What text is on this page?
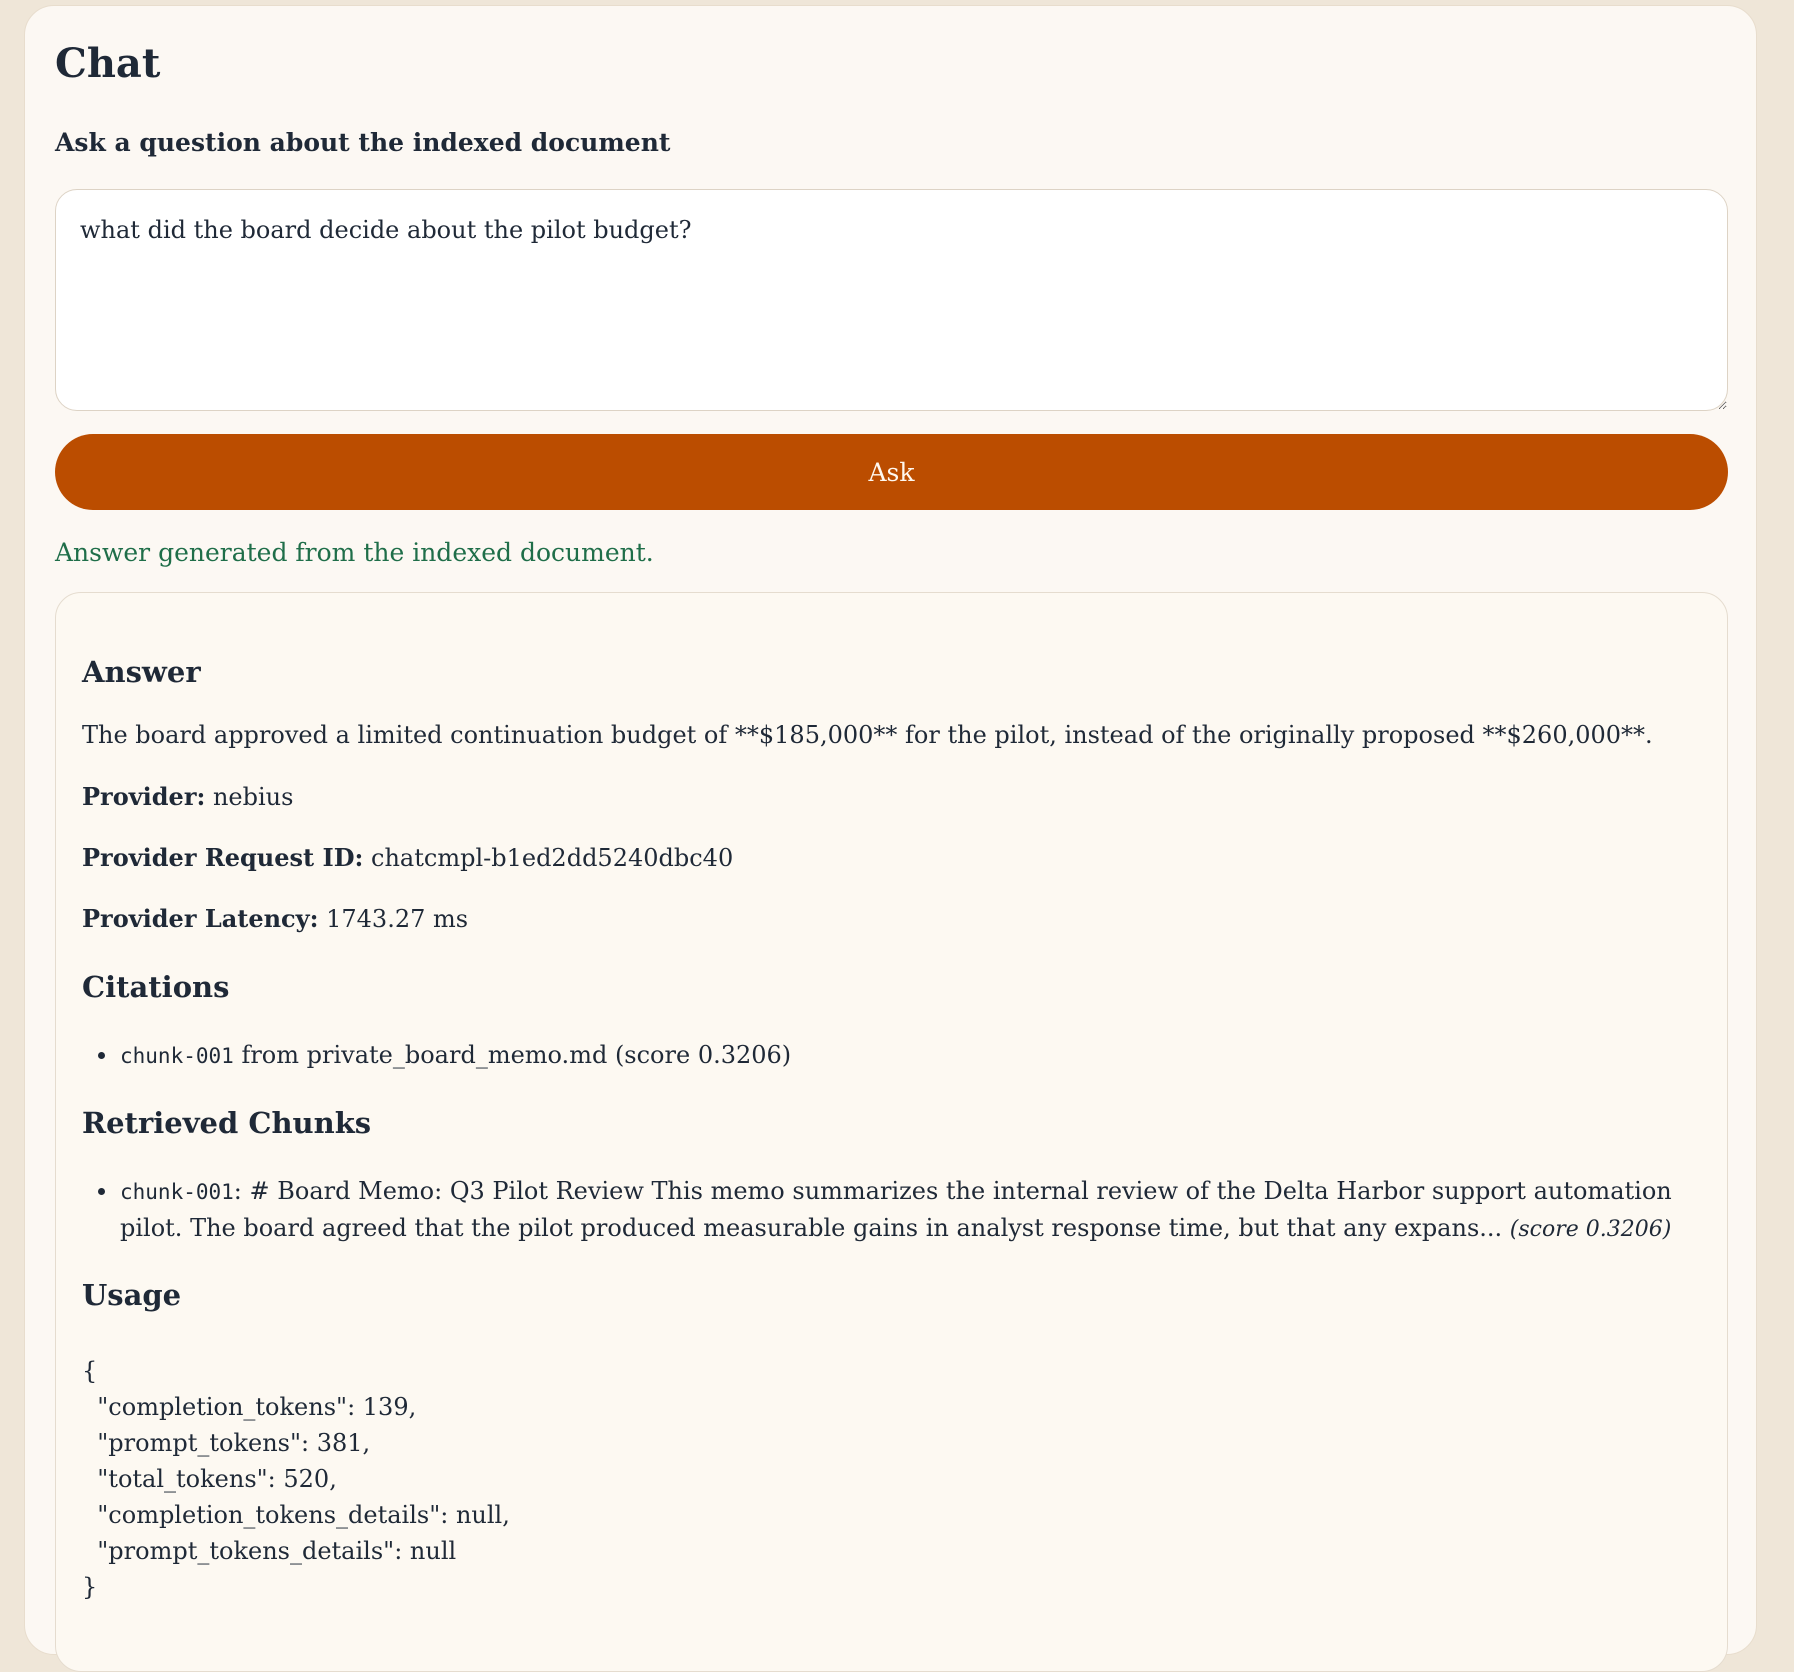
Chat
Ask a question about the indexed document
what did the board decide about the pilot budget?
Ask
Answer generated from the indexed document.
Answer
The board approved a limited continuation budget of **$185,000** for the pilot, instead of the originally proposed **$260,000**.
Provider: nebius
Provider Request ID: chatcmpl-b1ed2dd5240dbc40
Provider Latency: 1743.27 ms
Citations
chunk-001 from private_board_memo.md (score 0.3206)
Retrieved Chunks
chunk-001: # Board Memo: Q3 Pilot Review This memo summarizes the internal review of the Delta Harbor support automation pilot. The board agreed that the pilot produced measurable gains in analyst response time, but that any expans... (score 0.3206)
Usage
{
"completion_tokens": 139,
"prompt_tokens": 381,
"total_tokens": 520,
"completion_tokens_details": null,
"prompt_tokens_details": null
}
